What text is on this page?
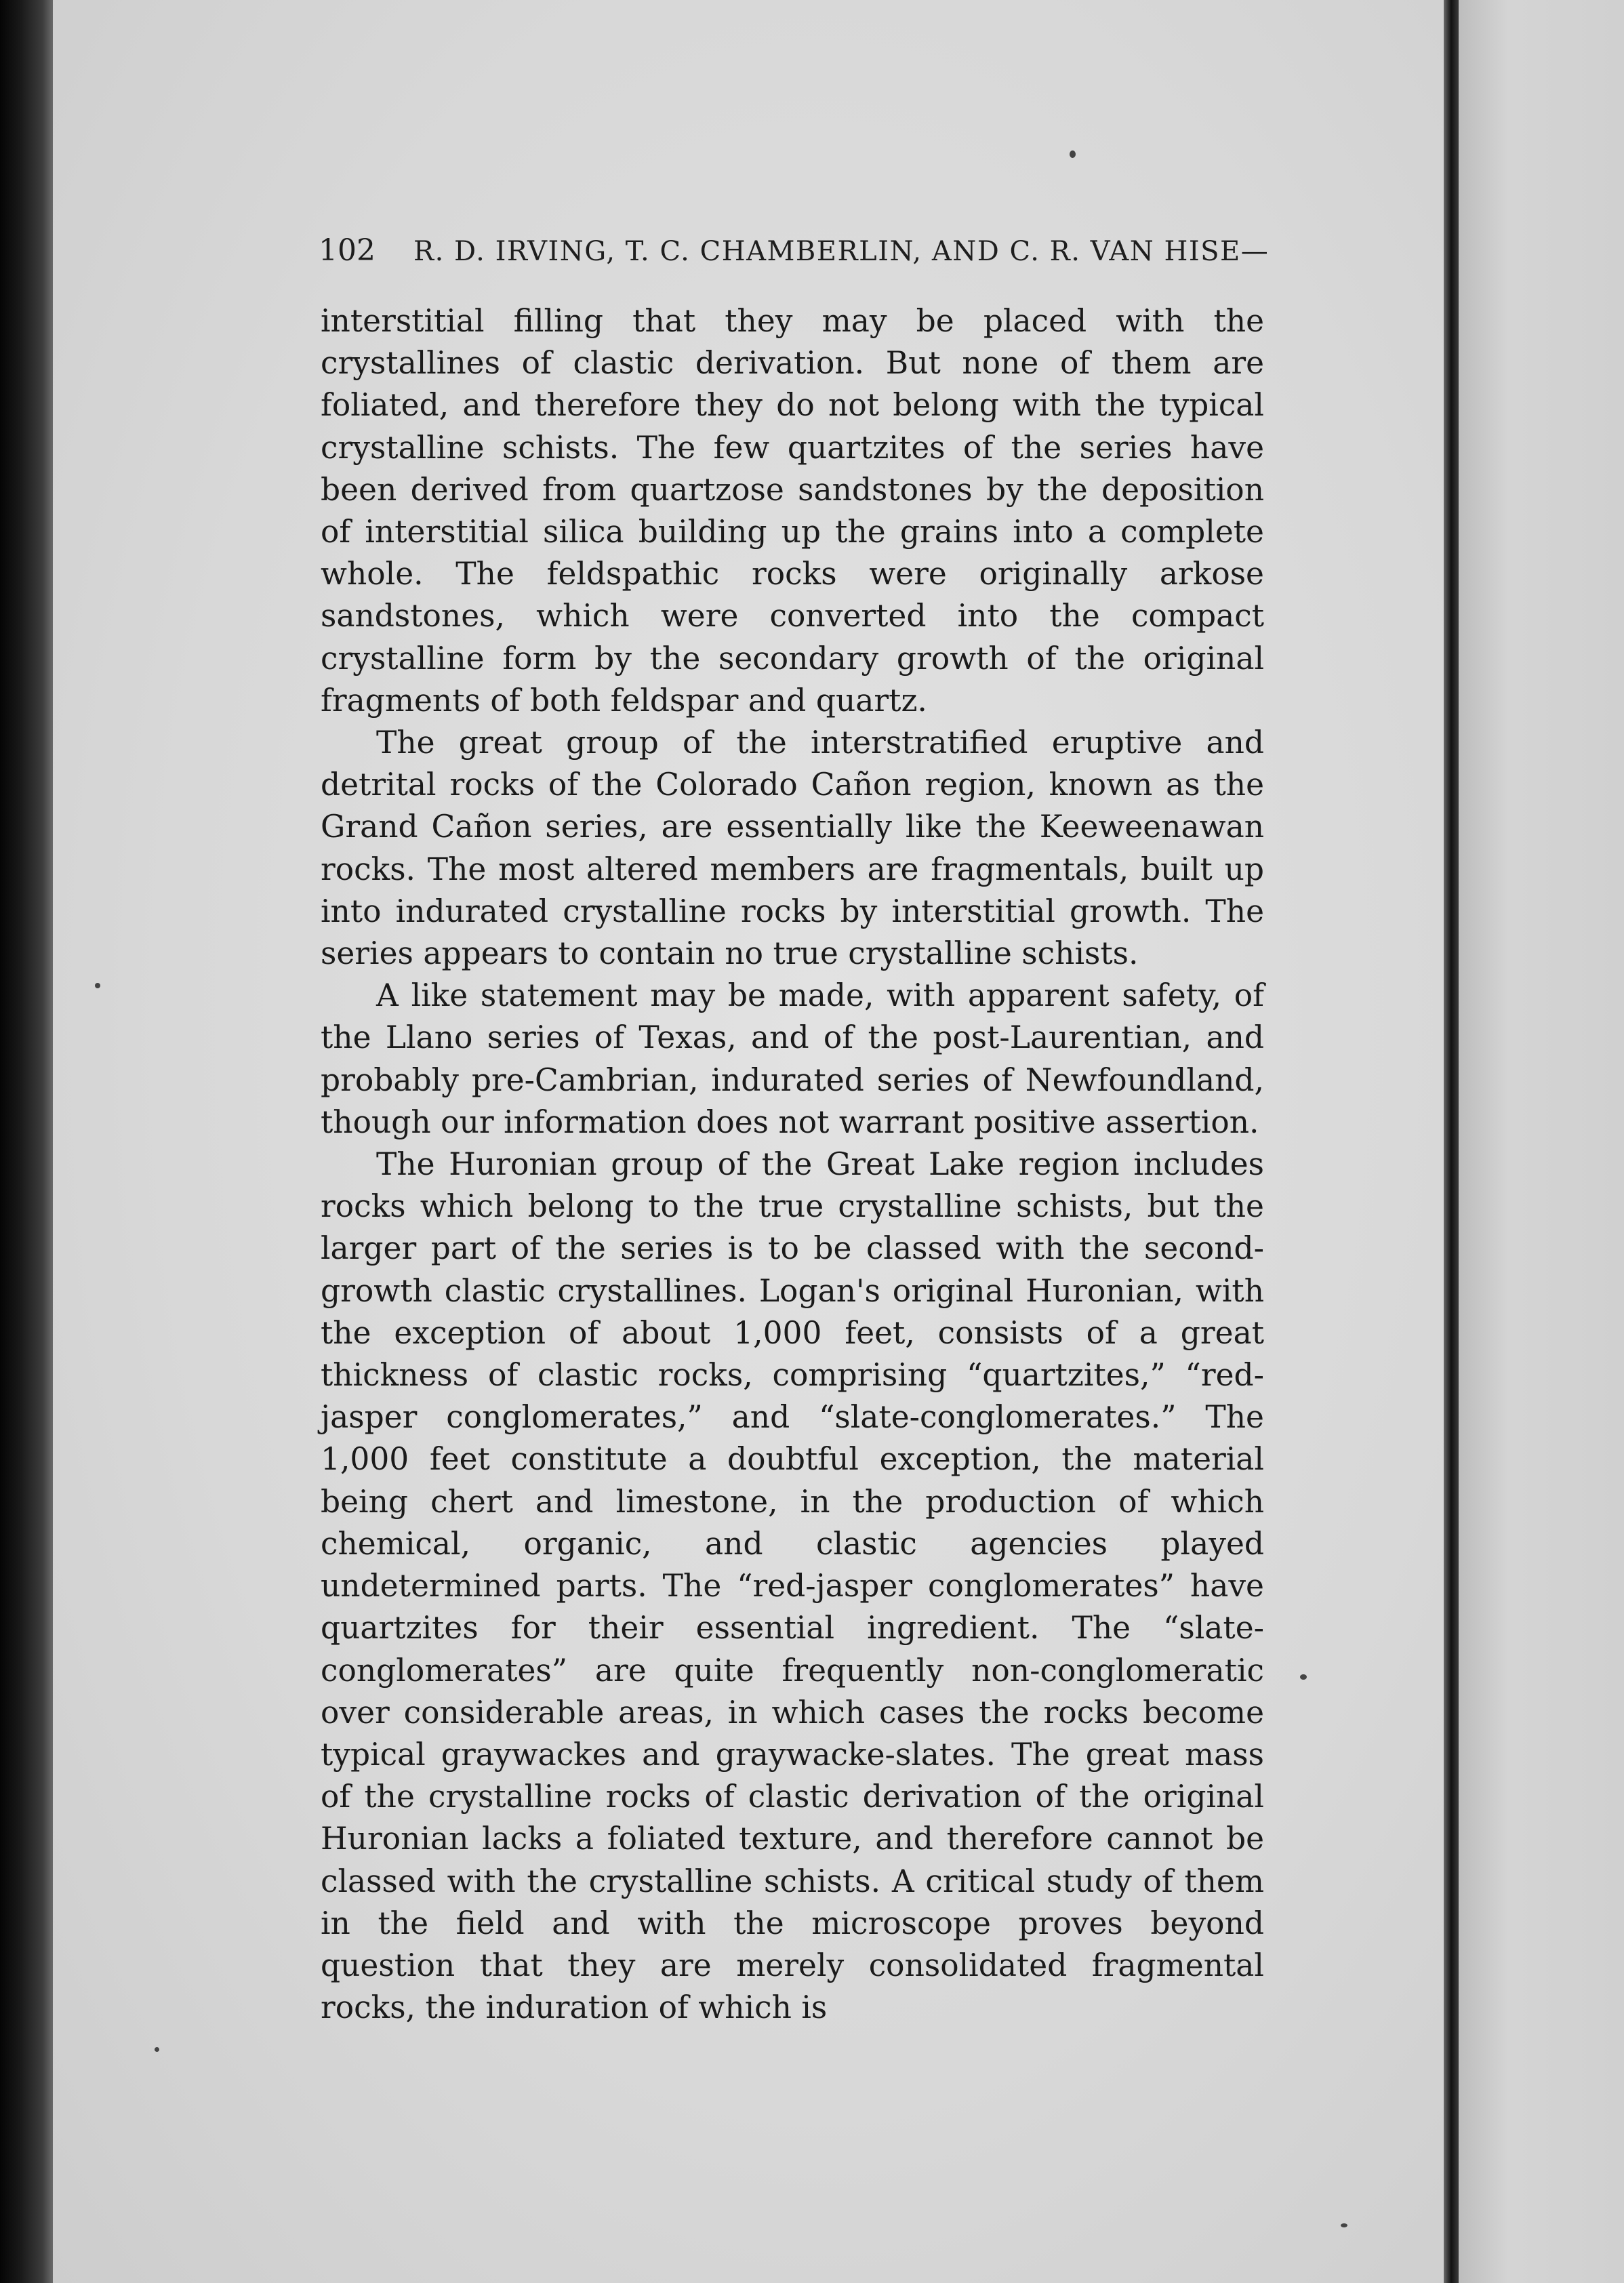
102 R. D. IRVING, T. C. CHAMBERLIN, AND C. R. VAN HISE—

interstitial filling that they may be placed with the crystallines of clastic derivation. But none of them are foliated, and therefore they do not belong with the typical crystalline schists. The few quartzites of the series have been derived from quartzose sandstones by the deposition of interstitial silica building up the grains into a complete whole. The feldspathic rocks were originally arkose sandstones, which were converted into the compact crystalline form by the secondary growth of the original fragments of both feldspar and quartz.

The great group of the interstratified eruptive and detrital rocks of the Colorado Cañon region, known as the Grand Cañon series, are essentially like the Keeweenawan rocks. The most altered members are fragmentals, built up into indurated crystalline rocks by interstitial growth. The series appears to contain no true crystalline schists.

A like statement may be made, with apparent safety, of the Llano series of Texas, and of the post-Laurentian, and probably pre-Cambrian, indurated series of Newfoundland, though our information does not warrant positive assertion.

The Huronian group of the Great Lake region includes rocks which belong to the true crystalline schists, but the larger part of the series is to be classed with the second-growth clastic crystallines. Logan's original Huronian, with the exception of about 1,000 feet, consists of a great thickness of clastic rocks, comprising “quartzites,” “red-jasper conglomerates,” and “slate-conglomerates.” The 1,000 feet constitute a doubtful exception, the material being chert and limestone, in the production of which chemical, organic, and clastic agencies played undetermined parts. The “red-jasper conglomerates” have quartzites for their essential ingredient. The “slate-conglomerates” are quite frequently non-conglomeratic over considerable areas, in which cases the rocks become typical graywackes and graywacke-slates. The great mass of the crystalline rocks of clastic derivation of the original Huronian lacks a foliated texture, and therefore cannot be classed with the crystalline schists. A critical study of them in the field and with the microscope proves beyond question that they are merely consolidated fragmental rocks, the induration of which is
